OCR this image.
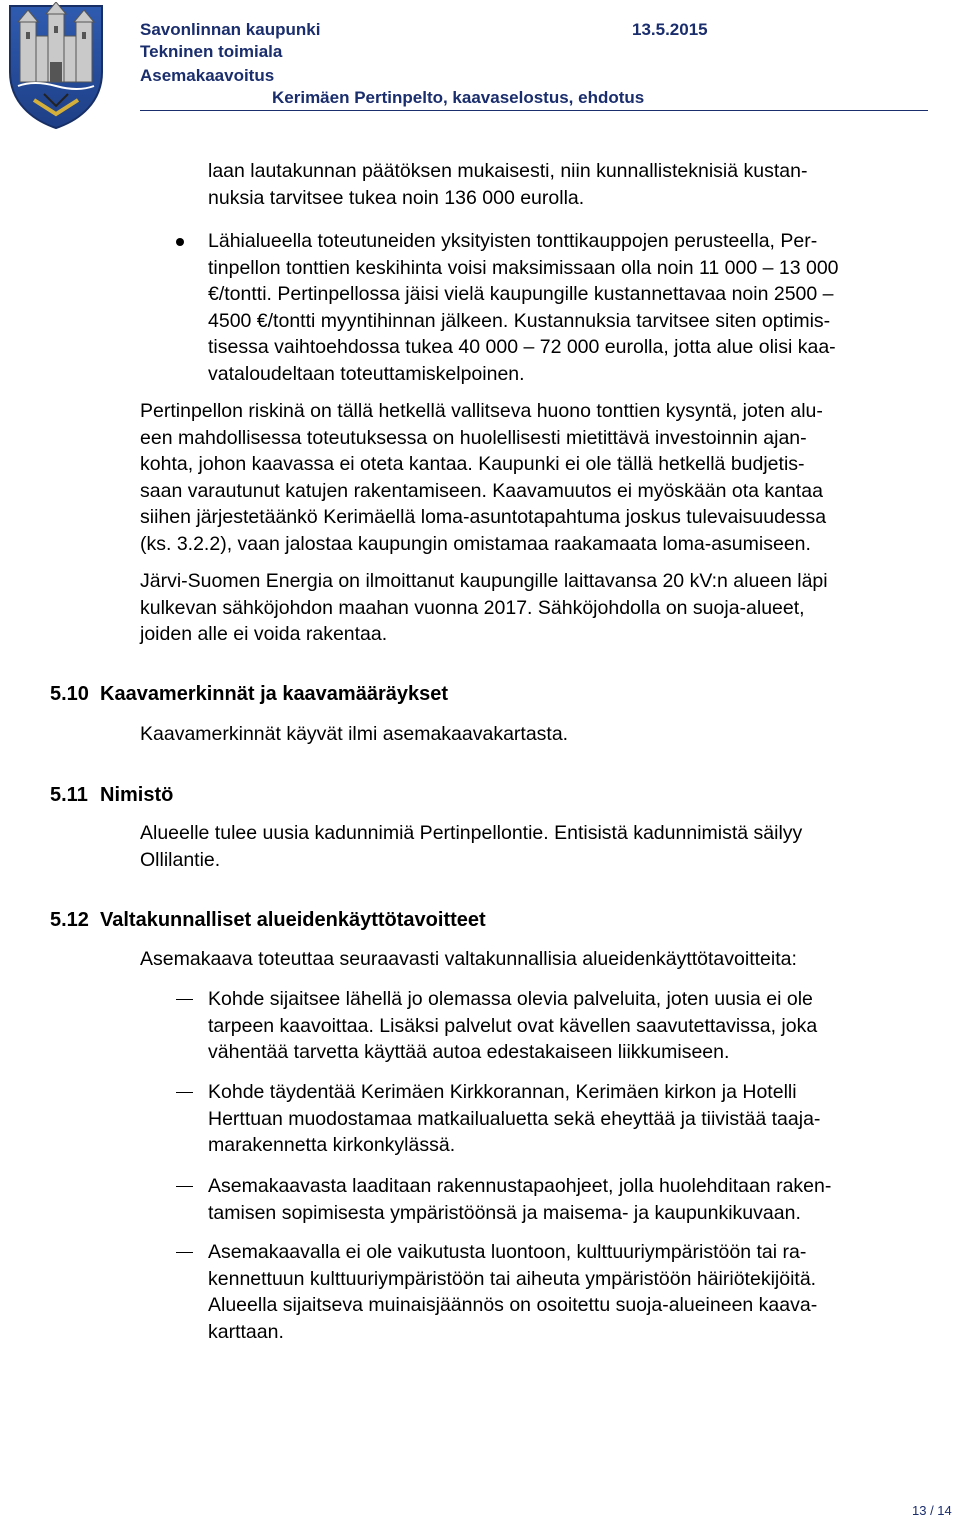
Savonlinnan kaupunki	13.5.2015
Tekninen toimiala
Asemakaavoitus
Kerimäen Pertinpelto, kaavaselostus, ehdotus
laan lautakunnan päätöksen mukaisesti, niin kunnallisteknisiä kustan-
nuksia tarvitsee tukea noin 136 000 eurolla.
Lähialueella toteutuneiden yksityisten tonttikauppojen perusteella, Per-
tinpellon tonttien keskihinta voisi maksimissaan olla noin 11 000 – 13 000
€/tontti. Pertinpellossa jäisi vielä kaupungille kustannettavaa noin 2500 –
4500 €/tontti myyntihinnan jälkeen. Kustannuksia tarvitsee siten optimis-
tisessa vaihtoehdossa tukea 40 000 – 72 000 eurolla, jotta alue olisi kaa-
vataloudeltaan toteuttamiskelpoinen.
Pertinpellon riskinä on tällä hetkellä vallitseva huono tonttien kysyntä, joten alu-
een mahdollisessa toteutuksessa on huolellisesti mietittävä investoinnin ajan-
kohta, johon kaavassa ei oteta kantaa. Kaupunki ei ole tällä hetkellä budjetis-
saan varautunut katujen rakentamiseen. Kaavamuutos ei myöskään ota kantaa
siihen järjestetäänkö Kerimäellä loma-asuntotapahtuma joskus tulevaisuudessa
(ks. 3.2.2), vaan jalostaa kaupungin omistamaa raakamaata loma-asumiseen.
Järvi-Suomen Energia on ilmoittanut kaupungille laittavansa 20 kV:n alueen läpi
kulkevan sähköjohdon maahan vuonna 2017. Sähköjohdolla on suoja-alueet,
joiden alle ei voida rakentaa.
5.10 Kaavamerkinnät ja kaavamääräykset
Kaavamerkinnät käyvät ilmi asemakaavakartasta.
5.11 Nimistö
Alueelle tulee uusia kadunnimiä Pertinpellontie. Entisistä kadunnimistä säilyy
Ollilantie.
5.12 Valtakunnalliset alueidenkäyttötavoitteet
Asemakaava toteuttaa seuraavasti valtakunnallisia alueidenkäyttötavoitteita:
Kohde sijaitsee lähellä jo olemassa olevia palveluita, joten uusia ei ole
tarpeen kaavoittaa. Lisäksi palvelut ovat kävellen saavutettavissa, joka
vähentää tarvetta käyttää autoa edestakaiseen liikkumiseen.
Kohde täydentää Kerimäen Kirkkorannan, Kerimäen kirkon ja Hotelli
Herttuan muodostamaa matkailualuetta sekä eheyttää ja tiivistää taaja-
marakennetta kirkonkylässä.
Asemakaavasta laaditaan rakennustapaohjeet, jolla huolehditaan raken-
tamisen sopimisesta ympäristöönsä ja maisema- ja kaupunkikuvaan.
Asemakaavalla ei ole vaikutusta luontoon, kulttuuriympäristöön tai ra-
kennettuun kulttuuriympäristöön tai aiheuta ympäristöön häiriötekijöitä.
Alueella sijaitseva muinaisjäännös on osoitettu suoja-alueineen kaava-
karttaan.
13 / 14
